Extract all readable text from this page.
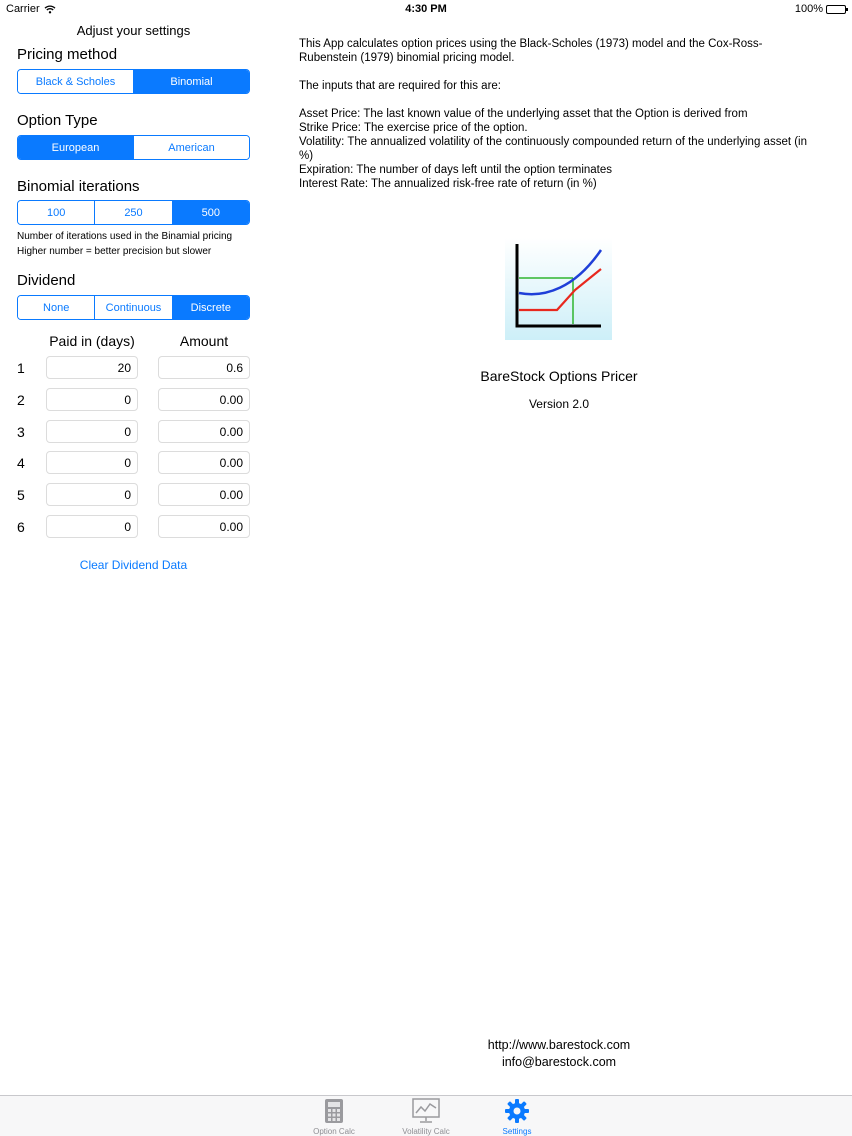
Carrier	4:30 PM	100%
Adjust your settings
Pricing method
Black & Scholes	Binomial
Option Type
European	American
Binomial iterations
100	250	500
Number of iterations used in the Binamial pricing
Higher number = better precision but slower
Dividend
None	Continuous	Discrete
Paid in (days)	Amount
1	20	0.6
2	0	0.00
3	0	0.00
4	0	0.00
5	0	0.00
6	0	0.00
Clear Dividend Data

This App calculates option prices using the Black-Scholes (1973) model and the Cox-Ross-Rubenstein (1979) binomial pricing model.

The inputs that are required for this are:

Asset Price: The last known value of the underlying asset that the Option is derived from

Strike Price: The exercise price of the option.

Volatility: The annualized volatility of the continuously compounded return of the underlying asset (in %)

Expiration: The number of days left until the option terminates

Interest Rate: The annualized risk-free rate of return (in %)

BareStock Options Pricer
Version 2.0
http://www.barestock.com
info@barestock.com
Option Calc	Volatility Calc	Settings
